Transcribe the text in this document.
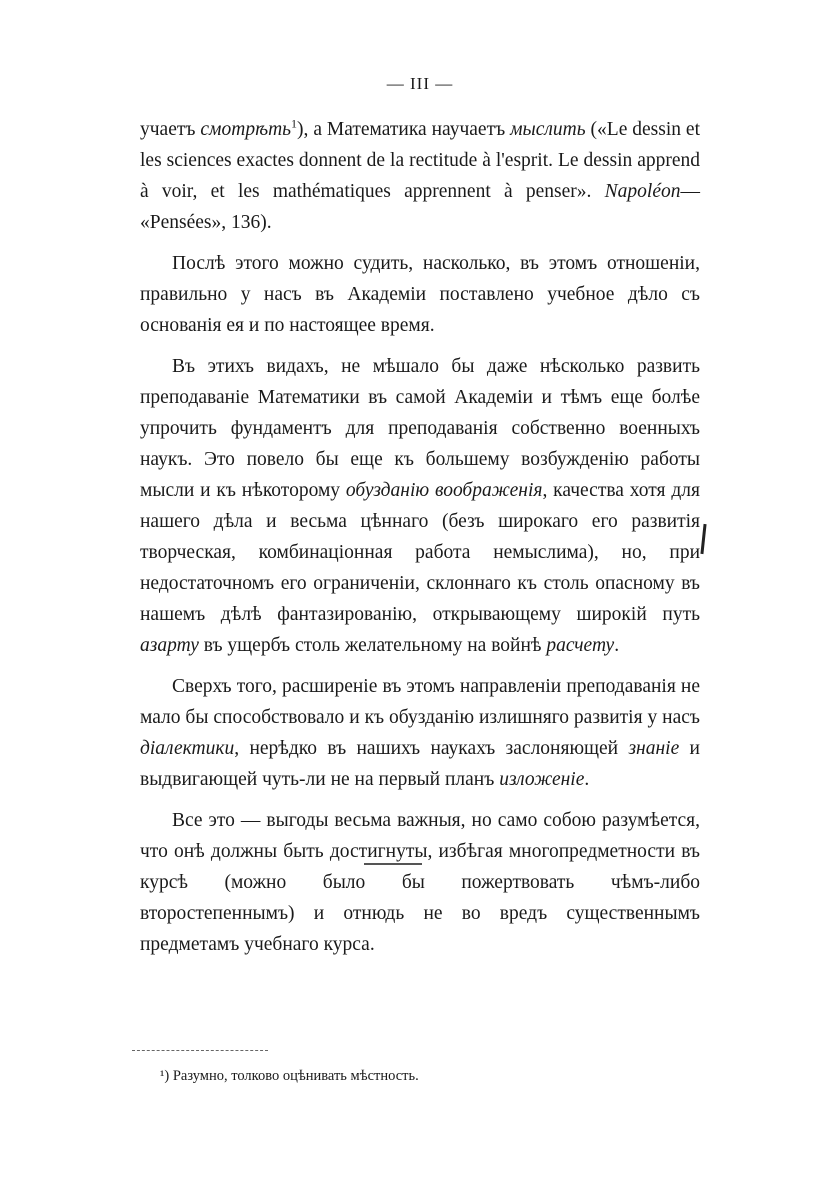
— III —

учаетъ смотрѣть$^1$), а Математика научаетъ мыслить («Le dessin et les sciences exactes donnent de la rectitude à l'esprit. Le dessin apprend à voir, et les mathématiques apprennent à penser». Napoléon— «Pensées», 136).

Послѣ этого можно судить, насколько, въ этомъ отношеніи, правильно у насъ въ Академіи поставлено учебное дѣло съ основанія ея и по настоящее время.

Въ этихъ видахъ, не мѣшало бы даже нѣсколько развить преподаваніе Математики въ самой Академіи и тѣмъ еще болѣе упрочить фундаментъ для преподаванія собственно военныхъ наукъ. Это повело бы еще къ большему возбужденію работы мысли и къ нѣкоторому обузданію воображенія, качества хотя для нашего дѣла и весьма цѣннаго (безъ широкаго его развитія творческая, комбинаціонная работа немыслима), но, при недостаточномъ его ограниченіи, склоннаго къ столь опасному въ нашемъ дѣлѣ фантазированію, открывающему широкій путь азарту въ ущербъ столь желательному на войнѣ расчету.

Сверхъ того, расширеніе въ этомъ направленіи преподаванія не мало бы способствовало и къ обузданію излишняго развитія у насъ діалектики, нерѣдко въ нашихъ наукахъ заслоняющей знаніе и выдвигающей чуть-ли не на первый планъ изложеніе.

Все это — выгоды весьма важныя, но само собою разумѣется, что онѣ должны быть достигнуты, избѣгая многопредметности въ курсѣ (можно было бы пожертвовать чѣмъ-либо второстепеннымъ) и отнюдь не во вредъ существеннымъ предметамъ учебнаго курса.

¹) Разумно, толково оцѣнивать мѣстность.
